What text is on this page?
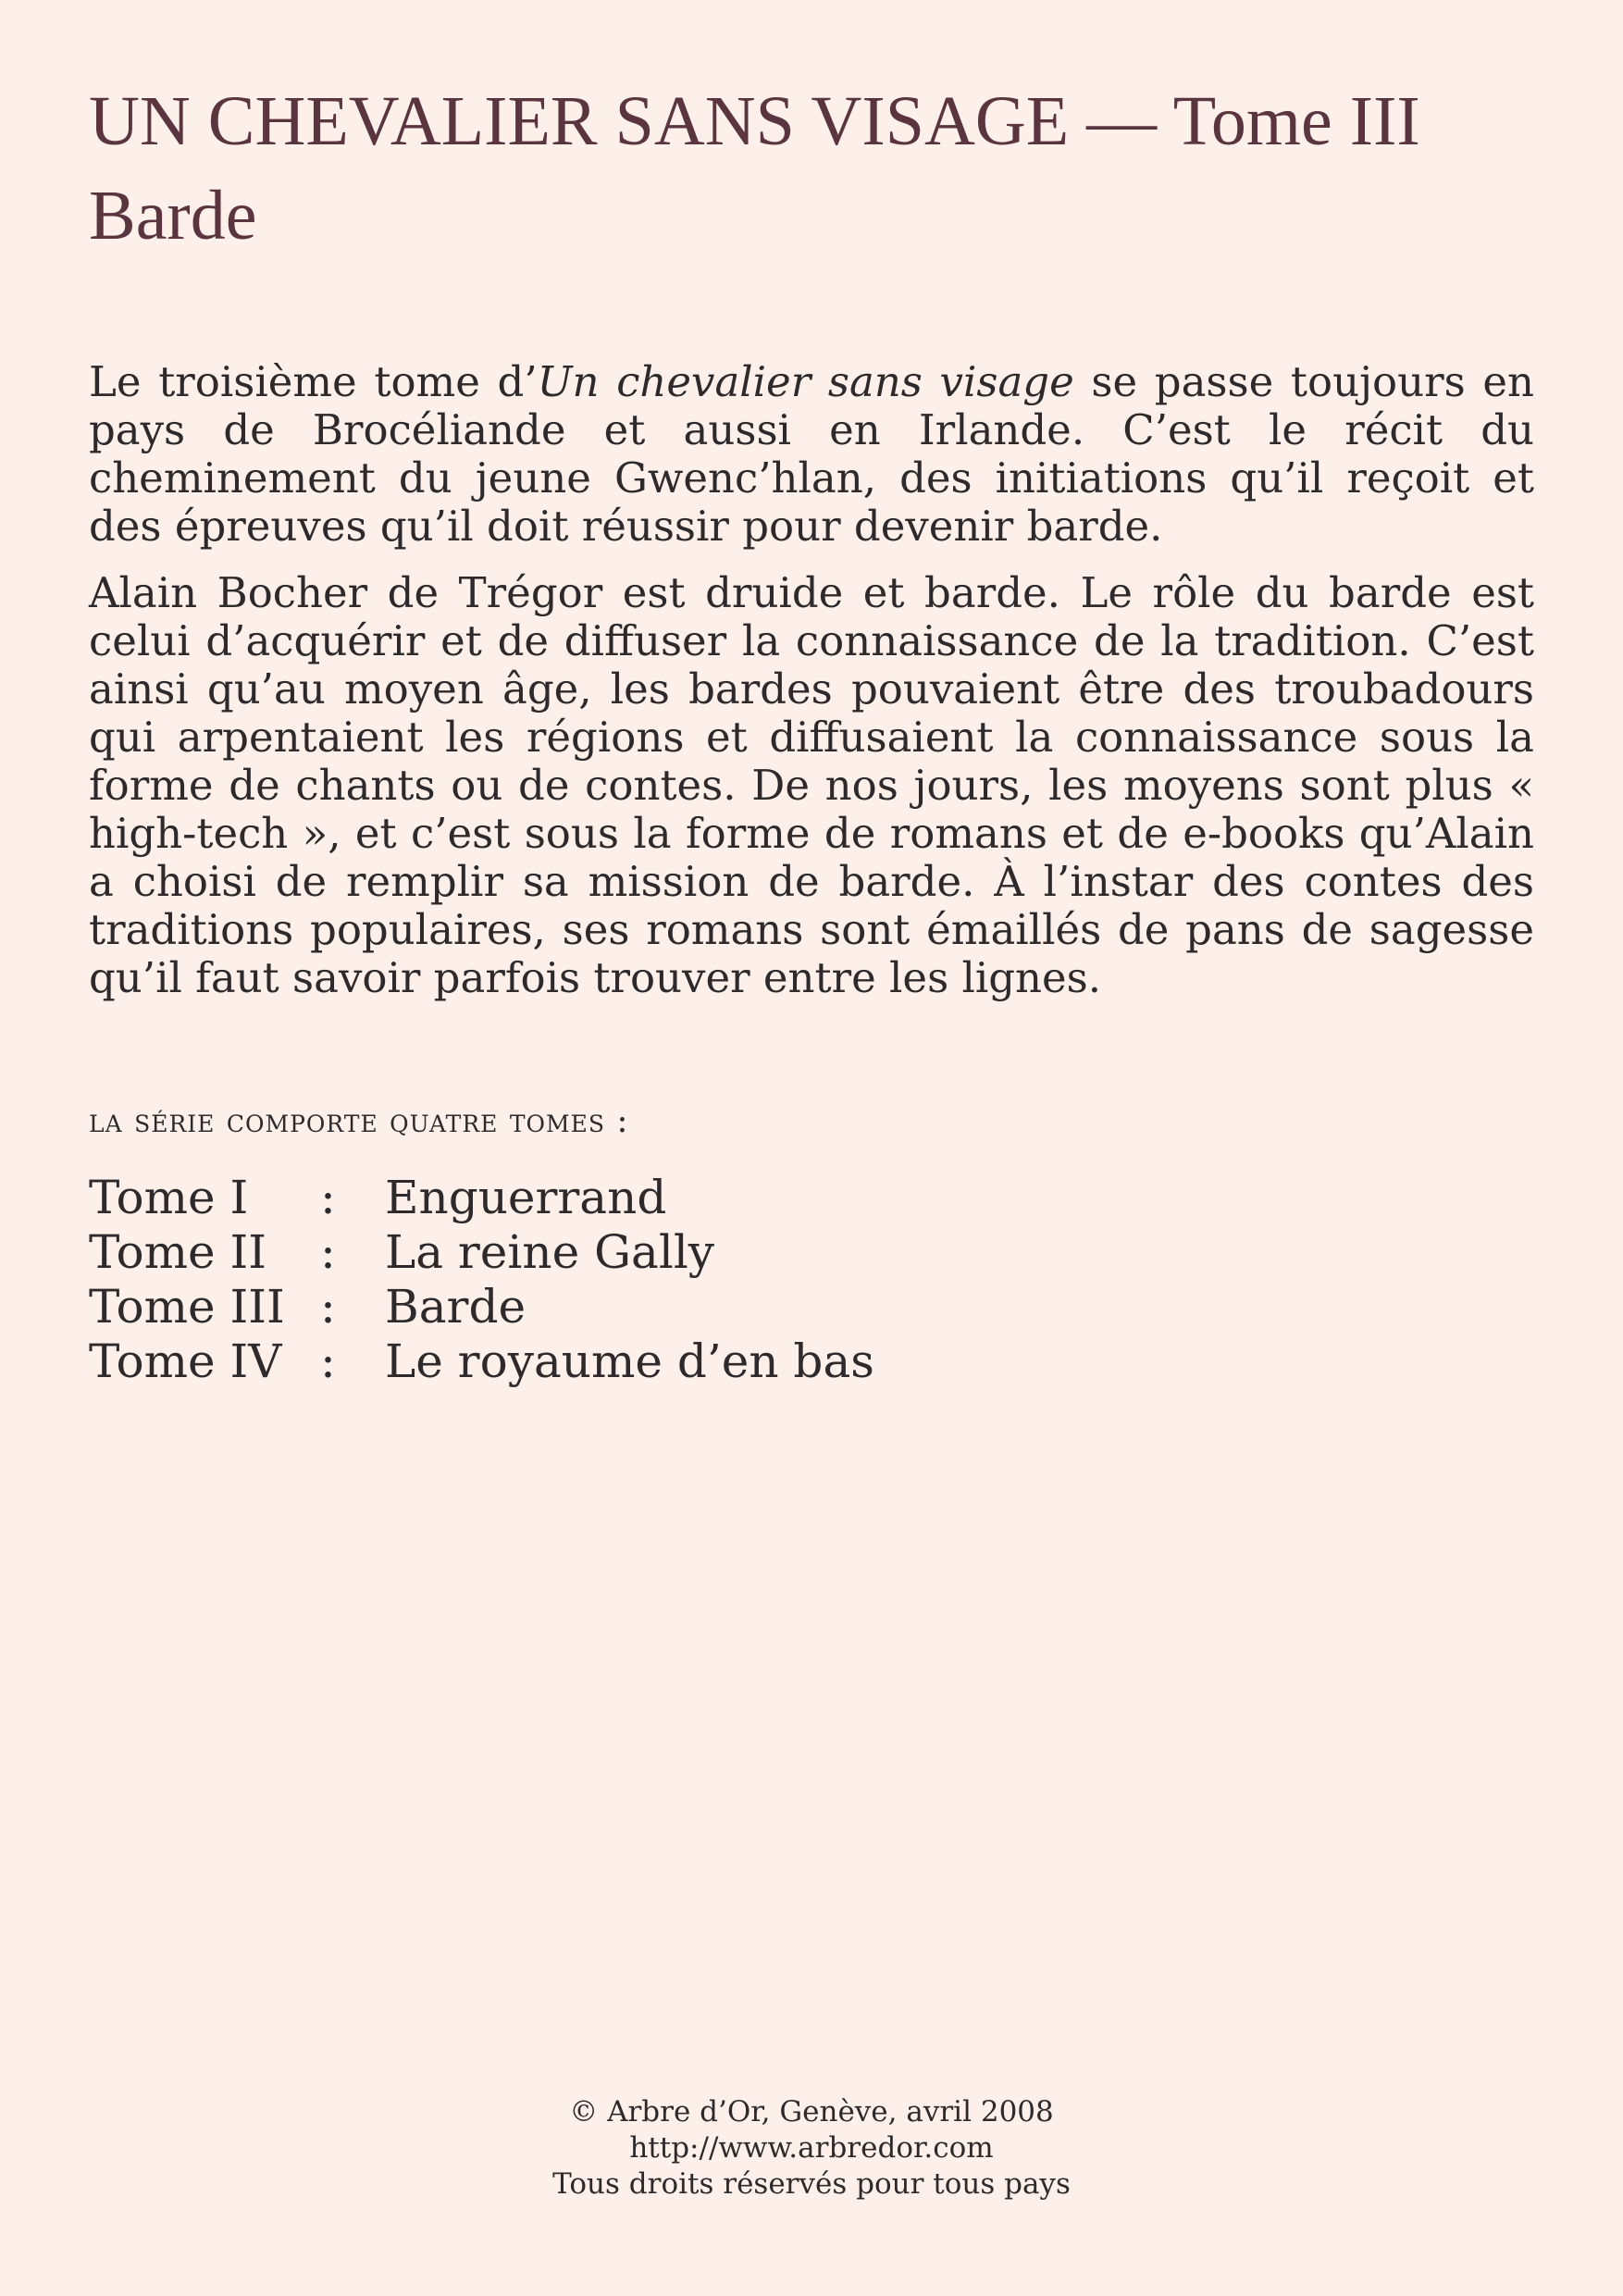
UN CHEVALIER SANS VISAGE — Tome III
Barde

Le troisième tome d’Un chevalier sans visage se passe toujours en pays de Brocéliande et aussi en Irlande. C’est le récit du cheminement du jeune Gwenc’hlan, des initiations qu’il reçoit et des épreuves qu’il doit réussir pour devenir barde.

Alain Bocher de Trégor est druide et barde. Le rôle du barde est celui d’acquérir et de diffuser la connaissance de la tradition. C’est ainsi qu’au moyen âge, les bardes pouvaient être des troubadours qui arpentaient les régions et diffusaient la connaissance sous la forme de chants ou de contes. De nos jours, les moyens sont plus « high-tech », et c’est sous la forme de romans et de e-books qu’Alain a choisi de remplir sa mission de barde. À l’instar des contes des traditions populaires, ses romans sont émaillés de pans de sagesse qu’il faut savoir parfois trouver entre les lignes.

la série comporte quatre tomes :
Tome I	:	Enguerrand
Tome II	:	La reine Gally
Tome III :	Barde
Tome IV :	Le royaume d’en bas
© Arbre d’Or, Genève, avril 2008
http://www.arbredor.com
Tous droits réservés pour tous pays
